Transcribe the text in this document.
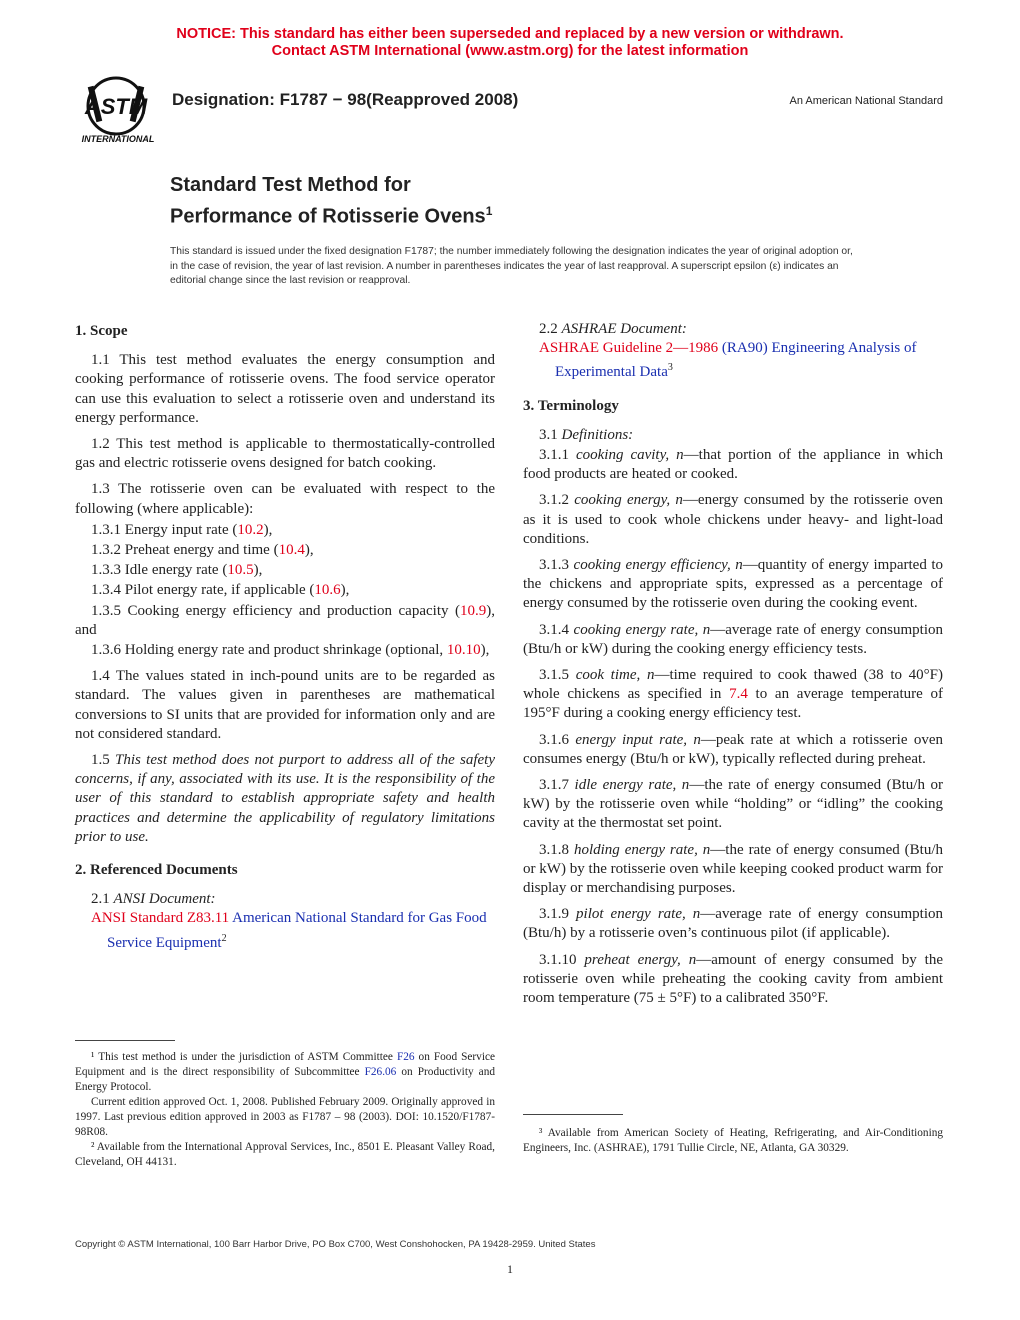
NOTICE: This standard has either been superseded and replaced by a new version or withdrawn.
Contact ASTM International (www.astm.org) for the latest information
ASTM
INTERNATIONAL
Designation: F1787 − 98(Reapproved 2008)	An American National Standard
Standard Test Method for
Performance of Rotisserie Ovens$^1$
This standard is issued under the fixed designation F1787; the number immediately following the designation indicates the year of original adoption or, in the case of revision, the year of last revision. A number in parentheses indicates the year of last reapproval. A superscript epsilon (ε) indicates an editorial change since the last revision or reapproval.

1. Scope

1.1 This test method evaluates the energy consumption and cooking performance of rotisserie ovens. The food service operator can use this evaluation to select a rotisserie oven and understand its energy performance.

1.2 This test method is applicable to thermostatically-controlled gas and electric rotisserie ovens designed for batch cooking.

1.3 The rotisserie oven can be evaluated with respect to the following (where applicable):

1.3.1 Energy input rate (10.2),

1.3.2 Preheat energy and time (10.4),

1.3.3 Idle energy rate (10.5),

1.3.4 Pilot energy rate, if applicable (10.6),

1.3.5 Cooking energy efficiency and production capacity (10.9), and

1.3.6 Holding energy rate and product shrinkage (optional, 10.10),

1.4 The values stated in inch-pound units are to be regarded as standard. The values given in parentheses are mathematical conversions to SI units that are provided for information only and are not considered standard.

1.5 This test method does not purport to address all of the safety concerns, if any, associated with its use. It is the responsibility of the user of this standard to establish appropriate safety and health practices and determine the applicability of regulatory limitations prior to use.

2. Referenced Documents

2.1 ANSI Document:

ANSI Standard Z83.11 American National Standard for Gas Food Service Equipment$^2$

2.2 ASHRAE Document:

ASHRAE Guideline 2—1986 (RA90) Engineering Analysis of Experimental Data$^3$

3. Terminology

3.1 Definitions:

3.1.1 cooking cavity, n—that portion of the appliance in which food products are heated or cooked.

3.1.2 cooking energy, n—energy consumed by the rotisserie oven as it is used to cook whole chickens under heavy- and light-load conditions.

3.1.3 cooking energy efficiency, n—quantity of energy imparted to the chickens and appropriate spits, expressed as a percentage of energy consumed by the rotisserie oven during the cooking event.

3.1.4 cooking energy rate, n—average rate of energy consumption (Btu/h or kW) during the cooking energy efficiency tests.

3.1.5 cook time, n—time required to cook thawed (38 to 40°F) whole chickens as specified in 7.4 to an average temperature of 195°F during a cooking energy efficiency test.

3.1.6 energy input rate, n—peak rate at which a rotisserie oven consumes energy (Btu/h or kW), typically reflected during preheat.

3.1.7 idle energy rate, n—the rate of energy consumed (Btu/h or kW) by the rotisserie oven while “holding” or “idling” the cooking cavity at the thermostat set point.

3.1.8 holding energy rate, n—the rate of energy consumed (Btu/h or kW) by the rotisserie oven while keeping cooked product warm for display or merchandising purposes.

3.1.9 pilot energy rate, n—average rate of energy consumption (Btu/h) by a rotisserie oven’s continuous pilot (if applicable).

3.1.10 preheat energy, n—amount of energy consumed by the rotisserie oven while preheating the cooking cavity from ambient room temperature (75 ± 5°F) to a calibrated 350°F.

¹ This test method is under the jurisdiction of ASTM Committee F26 on Food Service Equipment and is the direct responsibility of Subcommittee F26.06 on Productivity and Energy Protocol.

Current edition approved Oct. 1, 2008. Published February 2009. Originally approved in 1997. Last previous edition approved in 2003 as F1787 – 98 (2003). DOI: 10.1520/F1787-98R08.

² Available from the International Approval Services, Inc., 8501 E. Pleasant Valley Road, Cleveland, OH 44131.

³ Available from American Society of Heating, Refrigerating, and Air-Conditioning Engineers, Inc. (ASHRAE), 1791 Tullie Circle, NE, Atlanta, GA 30329.

Copyright © ASTM International, 100 Barr Harbor Drive, PO Box C700, West Conshohocken, PA 19428-2959. United States
1
